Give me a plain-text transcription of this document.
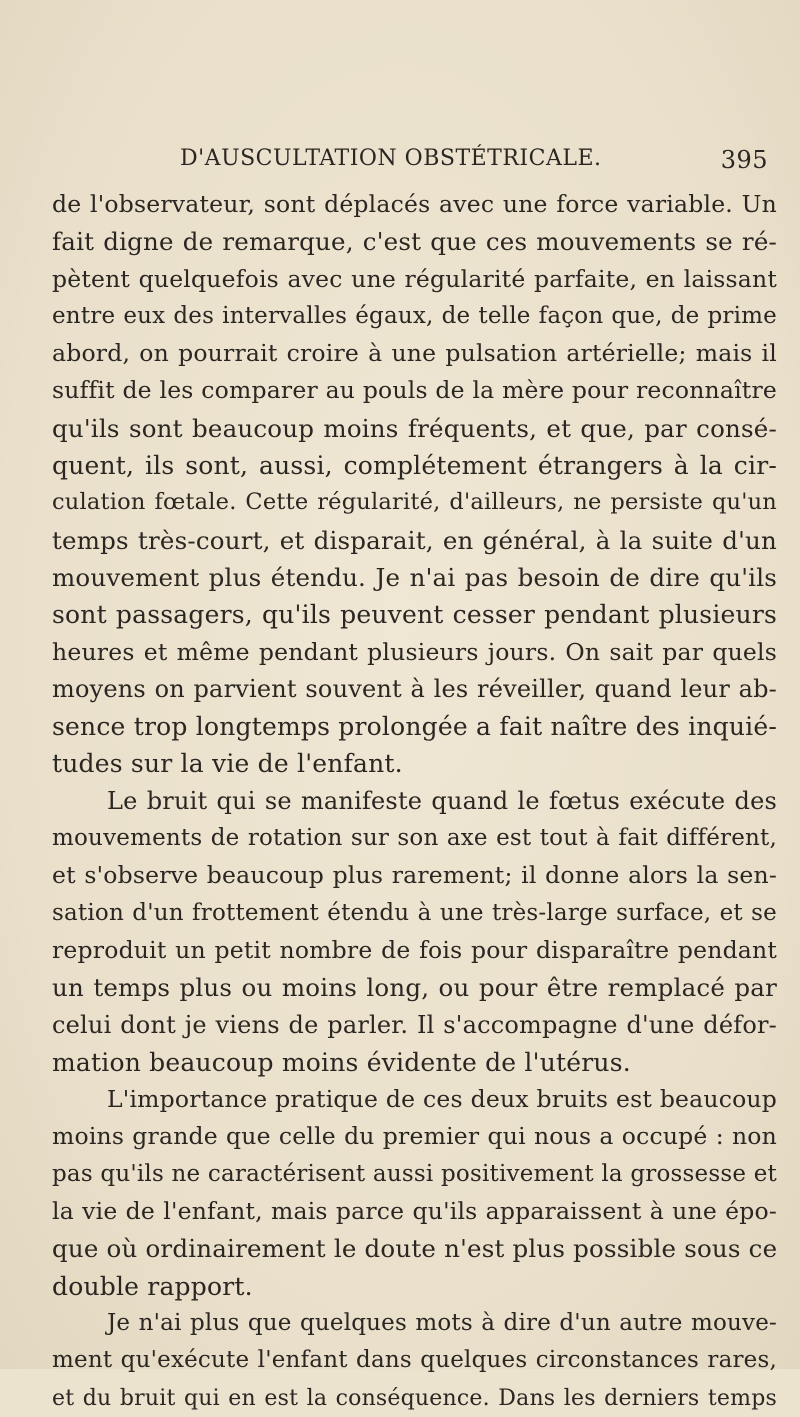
D'AUSCULTATION OBSTÉTRICALE.	395
de l'observateur, sont déplacés avec une force variable. Un
fait digne de remarque, c'est que ces mouvements se ré-
pètent quelquefois avec une régularité parfaite, en laissant
entre eux des intervalles égaux, de telle façon que, de prime
abord, on pourrait croire à une pulsation artérielle; mais il
suffit de les comparer au pouls de la mère pour reconnaître
qu'ils sont beaucoup moins fréquents, et que, par consé-
quent, ils sont, aussi, complétement étrangers à la cir-
culation fœtale. Cette régularité, d'ailleurs, ne persiste qu'un
temps très-court, et disparait, en général, à la suite d'un
mouvement plus étendu. Je n'ai pas besoin de dire qu'ils
sont passagers, qu'ils peuvent cesser pendant plusieurs
heures et même pendant plusieurs jours. On sait par quels
moyens on parvient souvent à les réveiller, quand leur ab-
sence trop longtemps prolongée a fait naître des inquié-
tudes sur la vie de l'enfant.
Le bruit qui se manifeste quand le fœtus exécute des
mouvements de rotation sur son axe est tout à fait différent,
et s'observe beaucoup plus rarement; il donne alors la sen-
sation d'un frottement étendu à une très-large surface, et se
reproduit un petit nombre de fois pour disparaître pendant
un temps plus ou moins long, ou pour être remplacé par
celui dont je viens de parler. Il s'accompagne d'une défor-
mation beaucoup moins évidente de l'utérus.
L'importance pratique de ces deux bruits est beaucoup
moins grande que celle du premier qui nous a occupé : non
pas qu'ils ne caractérisent aussi positivement la grossesse et
la vie de l'enfant, mais parce qu'ils apparaissent à une épo-
que où ordinairement le doute n'est plus possible sous ce
double rapport.
Je n'ai plus que quelques mots à dire d'un autre mouve-
ment qu'exécute l'enfant dans quelques circonstances rares,
et du bruit qui en est la conséquence. Dans les derniers temps
